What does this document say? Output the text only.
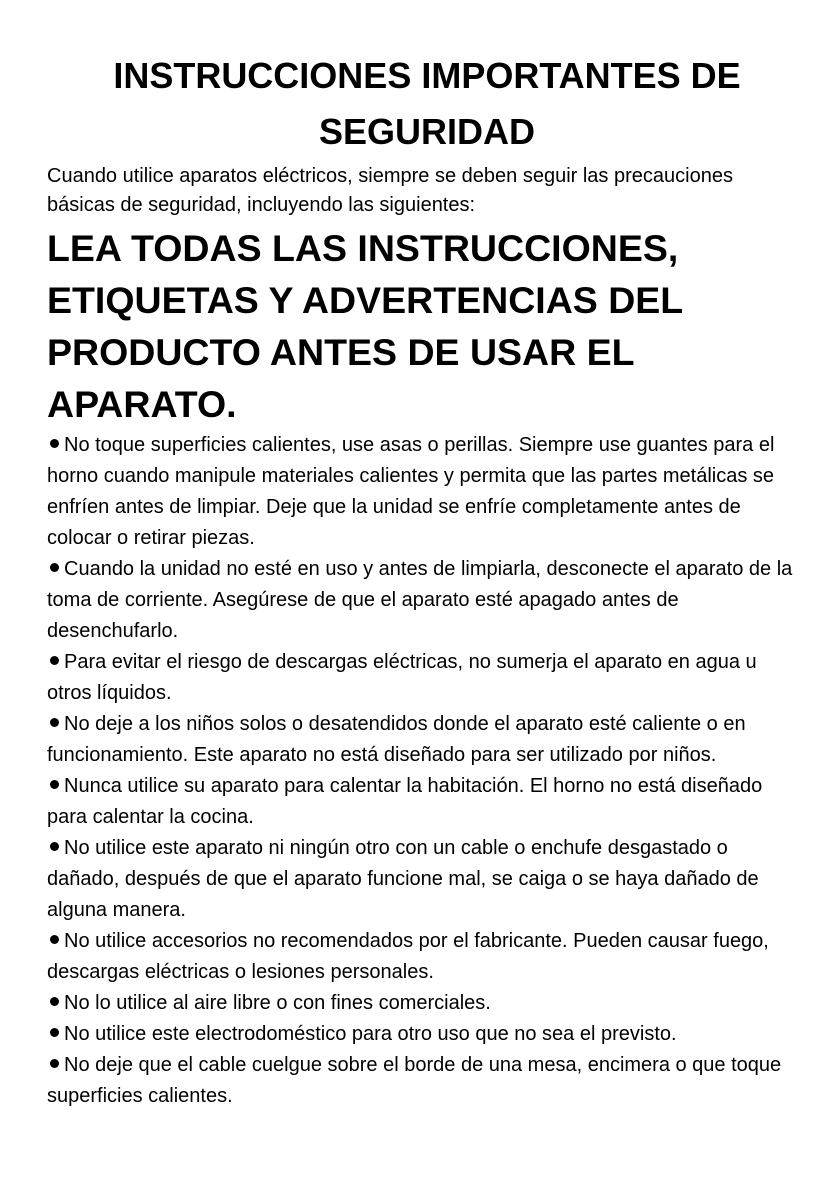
INSTRUCCIONES IMPORTANTES DE
SEGURIDAD

Cuando utilice aparatos eléctricos, siempre se deben seguir las precauciones básicas de seguridad, incluyendo las siguientes:

LEA TODAS LAS INSTRUCCIONES, ETIQUETAS Y ADVERTENCIAS DEL PRODUCTO ANTES DE USAR EL APARATO.
No toque superficies calientes, use asas o perillas. Siempre use guantes para el horno cuando manipule materiales calientes y permita que las partes metálicas se enfríen antes de limpiar. Deje que la unidad se enfríe completamente antes de colocar o retirar piezas.
Cuando la unidad no esté en uso y antes de limpiarla, desconecte el aparato de la toma de corriente. Asegúrese de que el aparato esté apagado antes de desenchufarlo.
Para evitar el riesgo de descargas eléctricas, no sumerja el aparato en agua u otros líquidos.
No deje a los niños solos o desatendidos donde el aparato esté caliente o en funcionamiento. Este aparato no está diseñado para ser utilizado por niños.
Nunca utilice su aparato para calentar la habitación. El horno no está diseñado para calentar la cocina.
No utilice este aparato ni ningún otro con un cable o enchufe desgastado o dañado, después de que el aparato funcione mal, se caiga o se haya dañado de alguna manera.
No utilice accesorios no recomendados por el fabricante. Pueden causar fuego, descargas eléctricas o lesiones personales.
No lo utilice al aire libre o con fines comerciales.
No utilice este electrodoméstico para otro uso que no sea el previsto.
No deje que el cable cuelgue sobre el borde de una mesa, encimera o que toque superficies calientes.
